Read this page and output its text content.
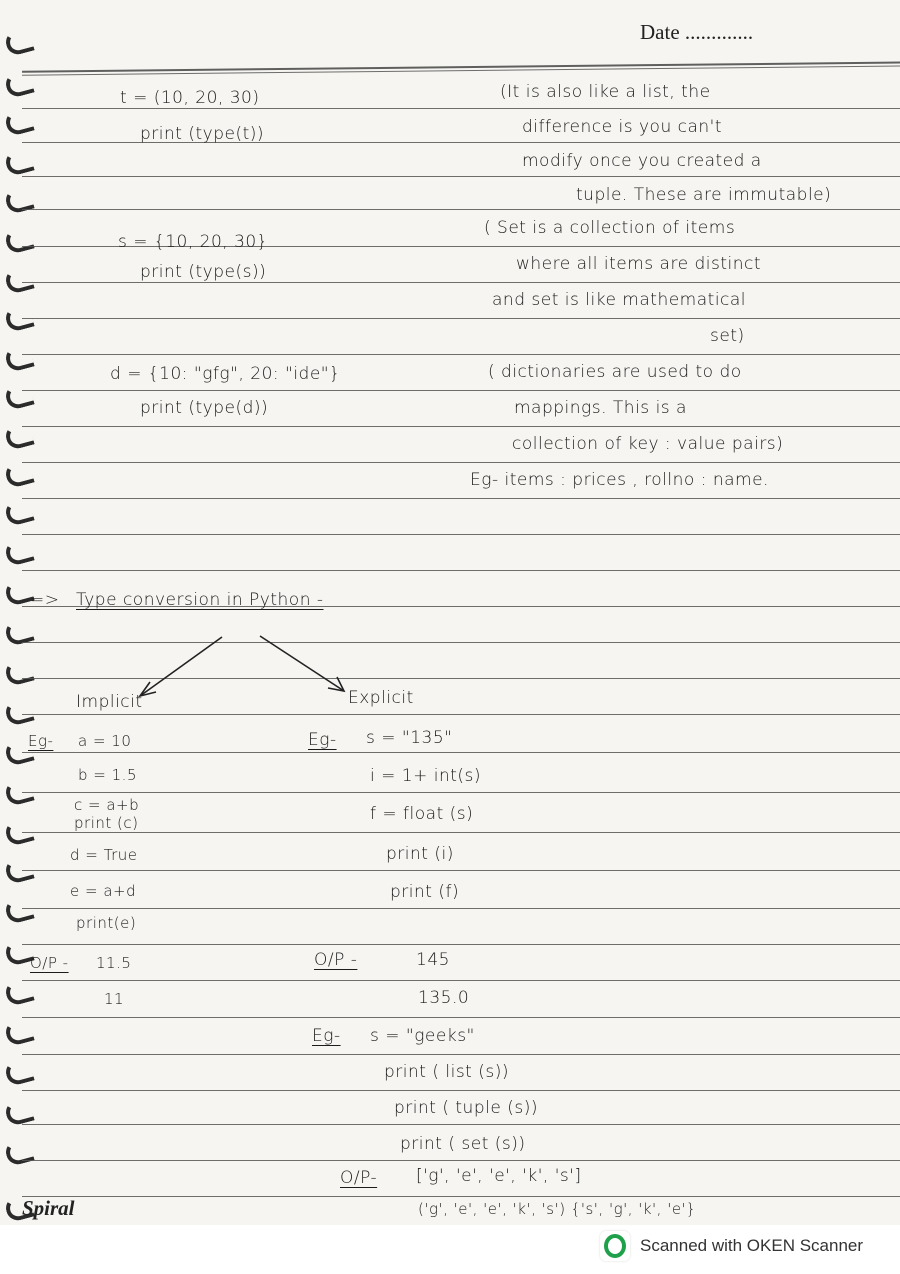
Date .............
t = (10, 20, 30)
print (type(t))
(It is also like a list, the
difference is you can't
modify once you created a
tuple. These are immutable)
s = {10, 20, 30}
print (type(s))
( Set is a collection of items
where all items are distinct
and set is like mathematical
set)
d = {10: "gfg", 20: "ide"}
print (type(d))
( dictionaries are used to do
mappings. This is a
collection of key : value pairs)
Eg- items : prices , rollno : name.
=> Type conversion in Python -
Implicit	Explicit
Eg- a = 10
b = 1.5
c = a+b
print (c)
d = True
e = a+d
print(e)
O/P - 11.5
11
Eg- s = "135"
i = 1+ int(s)
f = float (s)
print (i)
print (f)
O/P -	145
135.0
Eg- s = "geeks"
print ( list (s))
print ( tuple (s))
print ( set (s))
O/P- ['g', 'e', 'e', 'k', 's']
('g', 'e', 'e', 'k', 's') {'s', 'g', 'k', 'e'}
Spiral
Scanned with OKEN Scanner
